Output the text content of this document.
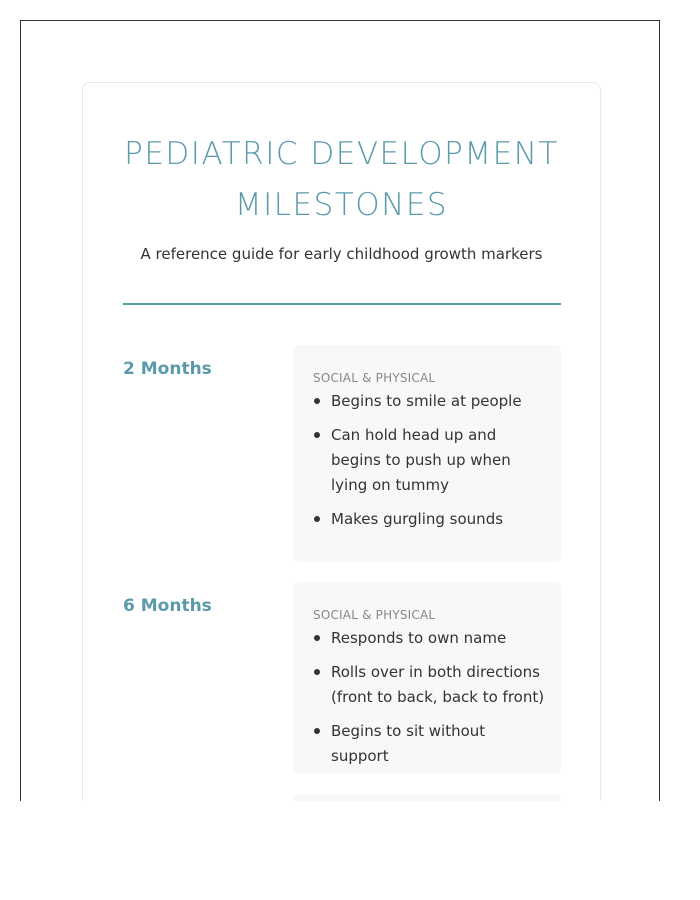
PEDIATRIC DEVELOPMENT
MILESTONES
A reference guide for early childhood growth markers
2 Months	SOCIAL & PHYSICAL
Begins to smile at people
Can hold head up and begins to push up when lying on tummy
Makes gurgling sounds
6 Months	SOCIAL & PHYSICAL
Responds to own name
Rolls over in both directions (front to back, back to front)
Begins to sit without support
